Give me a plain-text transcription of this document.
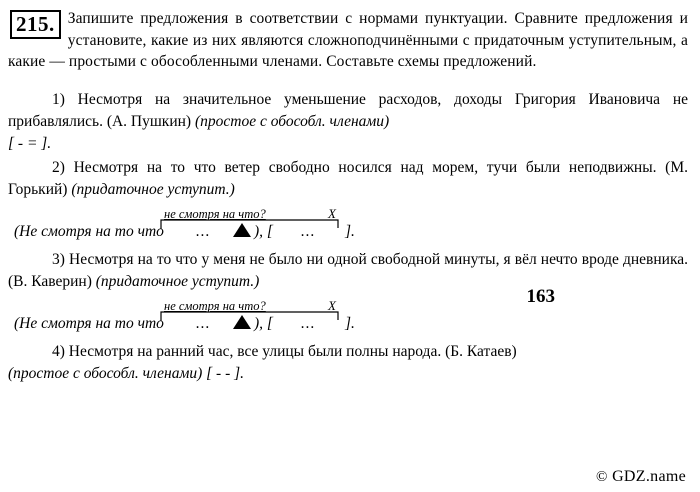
215. Запишите предложения в соответствии с нормами пунктуации. Сравните предложения и установите, какие из них являются сложноподчинёнными с придаточным уступительным, а какие — простыми с обособленными членами. Составьте схемы предложений.

1) Несмотря на значительное уменьшение расходов, доходы Григория Ивановича не прибавлялись. (А. Пушкин) (простое с обособл. членами)

[ - = ].

2) Несмотря на то что ветер свободно носился над морем, тучи были неподвижны. (М. Горький) (придаточное уступит.)

не смотря на что?	X
(Не смотря на то что ...	), [ ... ].

3) Несмотря на то что у меня не было ни одной свободной минуты, я вёл нечто вроде дневника. (В. Каверин) (придаточное уступит.)

не смотря на что?	X
(Не смотря на то что ...	), [ ... ].

4) Несмотря на ранний час, все улицы были полны народа. (Б. Катаев)

(простое с обособл. членами) [ - - ].

163
© GDZ.name
